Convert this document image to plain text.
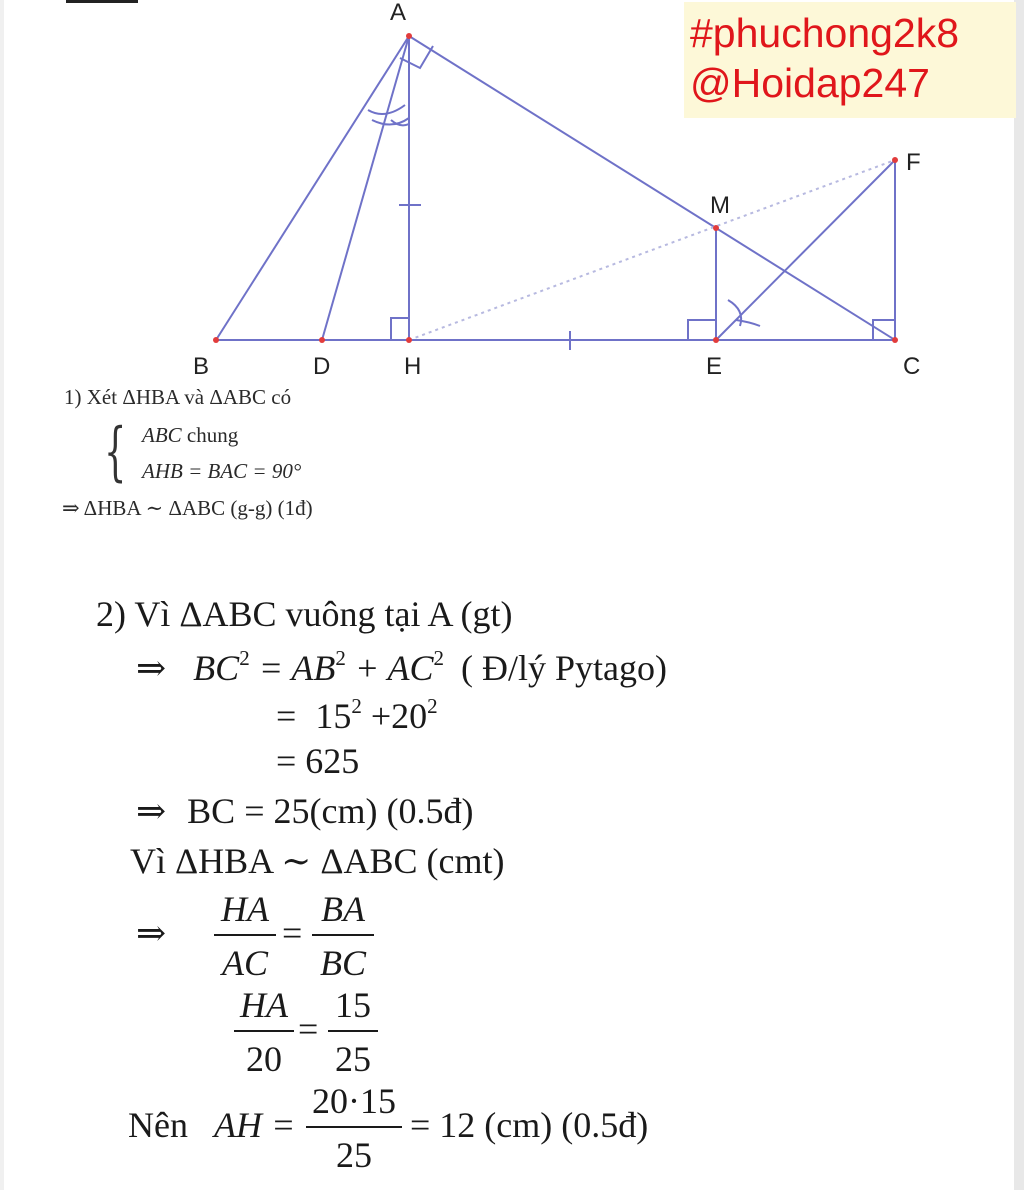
A
B	D	H	E	C
M
F
#phuchong2k8
@Hoidap247
1) Xét ΔHBA và ΔABC có
{ ABC chung
AHB = BAC = 90°
⇒ ΔHBA ∼ ΔABC (g-g) (1đ)
2) Vì ΔABC vuông tại A (gt)
⇒ $BC^2 = AB^2 + AC^2$ ( Đ/lý Pytago)
= $15^2 +20^2$
= 625
⇒ BC = 25(cm) (0.5đ)
Vì ΔHBA ∼ ΔABC (cmt)
⇒
HA
AC
=
BA
BC
HA
20
=
15
25
Nên AH =
20·15
25
= 12 (cm) (0.5đ)
